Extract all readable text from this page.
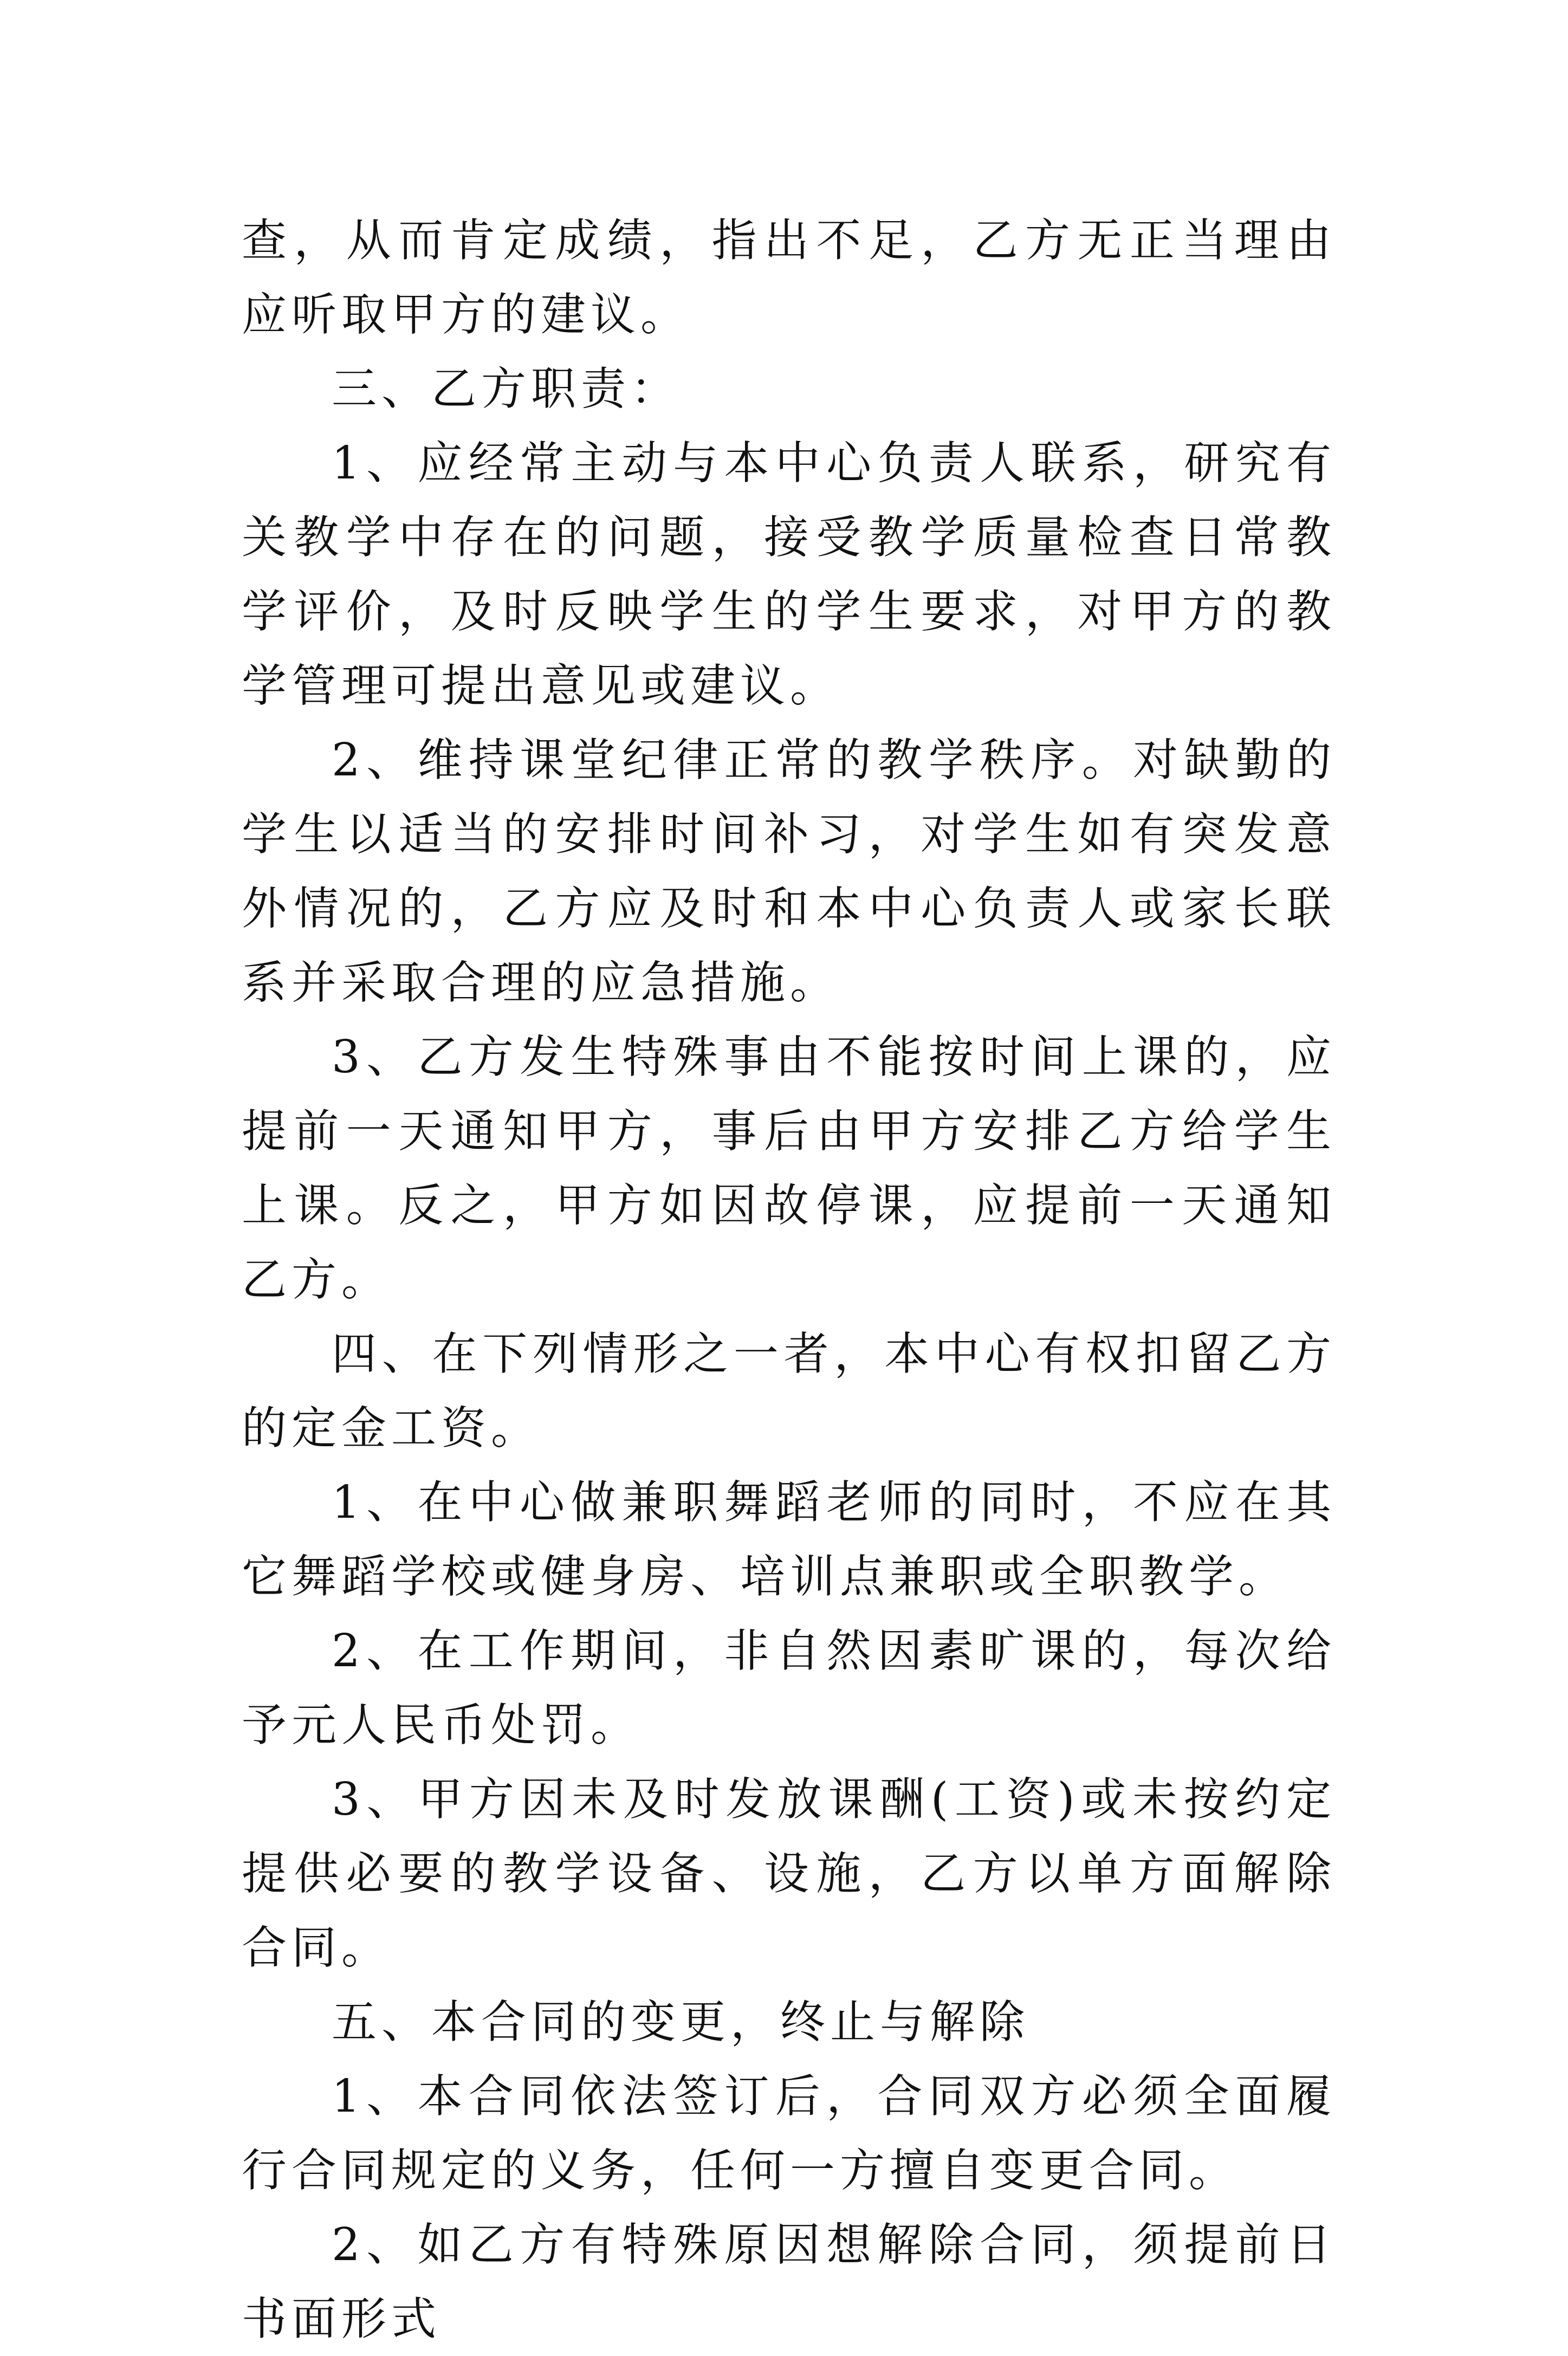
查，从而肯定成绩，指出不足，乙方无正当理由应听取甲方的建议。

三、乙方职责：

1、应经常主动与本中心负责人联系，研究有关教学中存在的问题，接受教学质量检查日常教学评价，及时反映学生的学生要求，对甲方的教学管理可提出意见或建议。

2、维持课堂纪律正常的教学秩序。对缺勤的学生以适当的安排时间补习，对学生如有突发意外情况的，乙方应及时和本中心负责人或家长联系并采取合理的应急措施。

3、乙方发生特殊事由不能按时间上课的，应提前一天通知甲方，事后由甲方安排乙方给学生上课。反之，甲方如因故停课，应提前一天通知乙方。

四、在下列情形之一者，本中心有权扣留乙方的定金工资。

1、在中心做兼职舞蹈老师的同时，不应在其它舞蹈学校或健身房、培训点兼职或全职教学。

2、在工作期间，非自然因素旷课的，每次给予元人民币处罚。

3、甲方因未及时发放课酬(工资)或未按约定提供必要的教学设备、设施，乙方以单方面解除合同。

五、本合同的变更，终止与解除

1、本合同依法签订后，合同双方必须全面履行合同规定的义务，任何一方擅自变更合同。

2、如乙方有特殊原因想解除合同，须提前日书面形式
